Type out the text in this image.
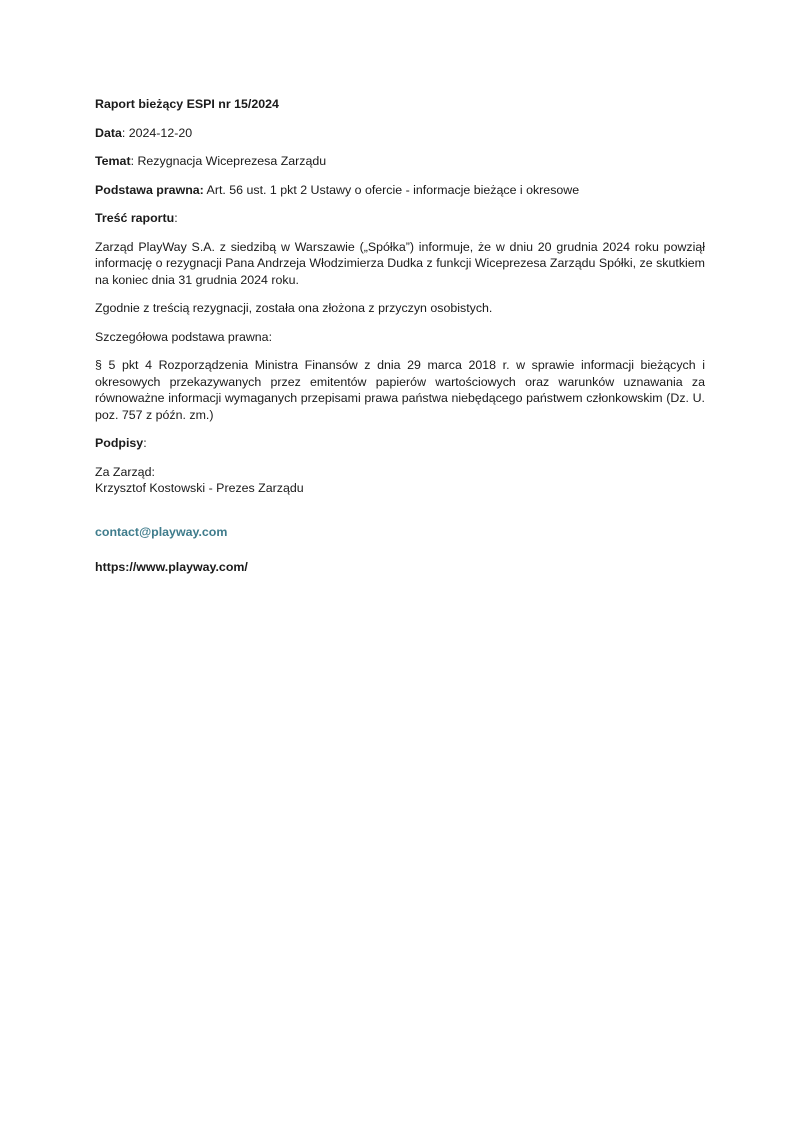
Raport bieżący ESPI nr 15/2024

Data: 2024-12-20

Temat: Rezygnacja Wiceprezesa Zarządu

Podstawa prawna: Art. 56 ust. 1 pkt 2 Ustawy o ofercie - informacje bieżące i okresowe

Treść raportu:

Zarząd PlayWay S.A. z siedzibą w Warszawie („Spółka”) informuje, że w dniu 20 grudnia 2024 roku powziął informację o rezygnacji Pana Andrzeja Włodzimierza Dudka z funkcji Wiceprezesa Zarządu Spółki, ze skutkiem na koniec dnia 31 grudnia 2024 roku.

Zgodnie z treścią rezygnacji, została ona złożona z przyczyn osobistych.

Szczegółowa podstawa prawna:

§ 5 pkt 4 Rozporządzenia Ministra Finansów z dnia 29 marca 2018 r. w sprawie informacji bieżących i okresowych przekazywanych przez emitentów papierów wartościowych oraz warunków uznawania za równoważne informacji wymaganych przepisami prawa państwa niebędącego państwem członkowskim (Dz. U. poz. 757 z późn. zm.)

Podpisy:

Za Zarząd:

Krzysztof Kostowski - Prezes Zarządu

contact@playway.com
https://www.playway.com/
